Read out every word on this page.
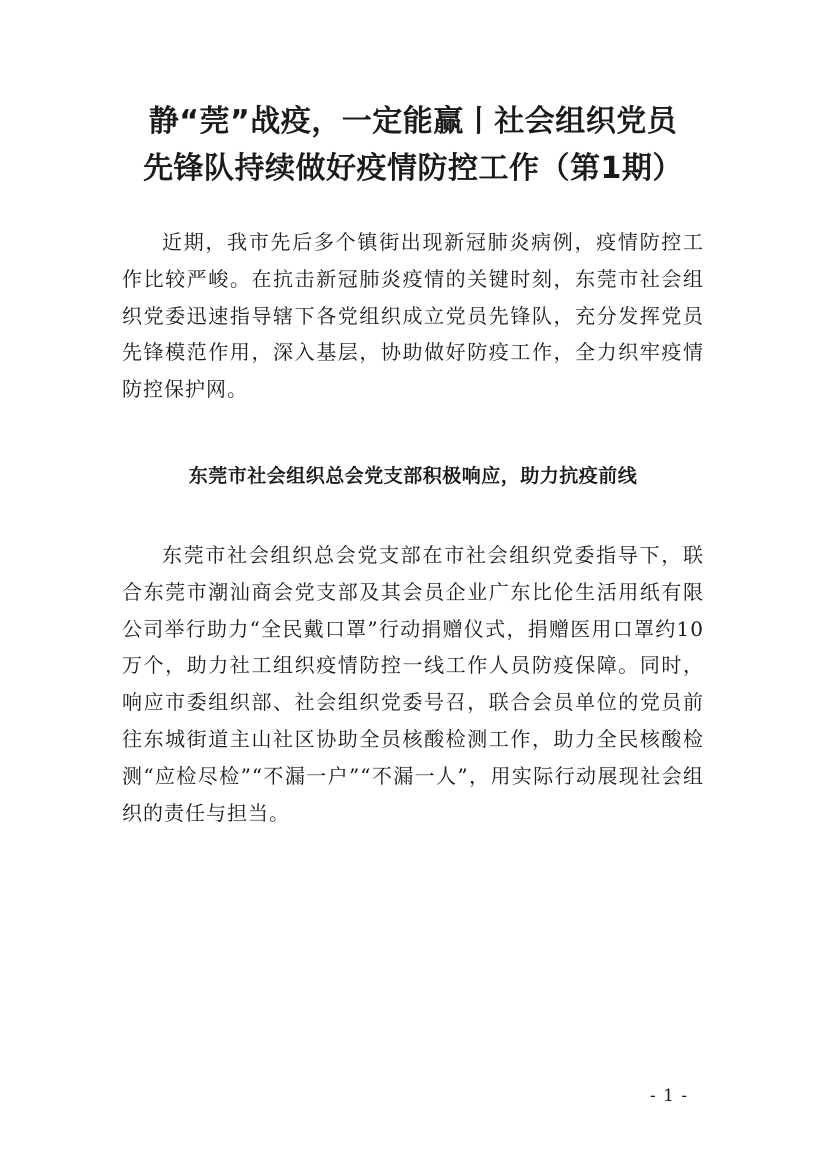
静“莞”战疫，一定能赢丨社会组织党员
先锋队持续做好疫情防控工作（第1期）

近期，我市先后多个镇街出现新冠肺炎病例，疫情防控工作比较严峻。在抗击新冠肺炎疫情的关键时刻，东莞市社会组织党委迅速指导辖下各党组织成立党员先锋队，充分发挥党员先锋模范作用，深入基层，协助做好防疫工作，全力织牢疫情防控保护网。

东莞市社会组织总会党支部积极响应，助力抗疫前线

东莞市社会组织总会党支部在市社会组织党委指导下，联合东莞市潮汕商会党支部及其会员企业广东比伦生活用纸有限公司举行助力“全民戴口罩”行动捐赠仪式，捐赠医用口罩约10万个，助力社工组织疫情防控一线工作人员防疫保障。同时，响应市委组织部、社会组织党委号召，联合会员单位的党员前往东城街道主山社区协助全员核酸检测工作，助力全民核酸检测“应检尽检”“不漏一户”“不漏一人”，用实际行动展现社会组织的责任与担当。

- 1 -
